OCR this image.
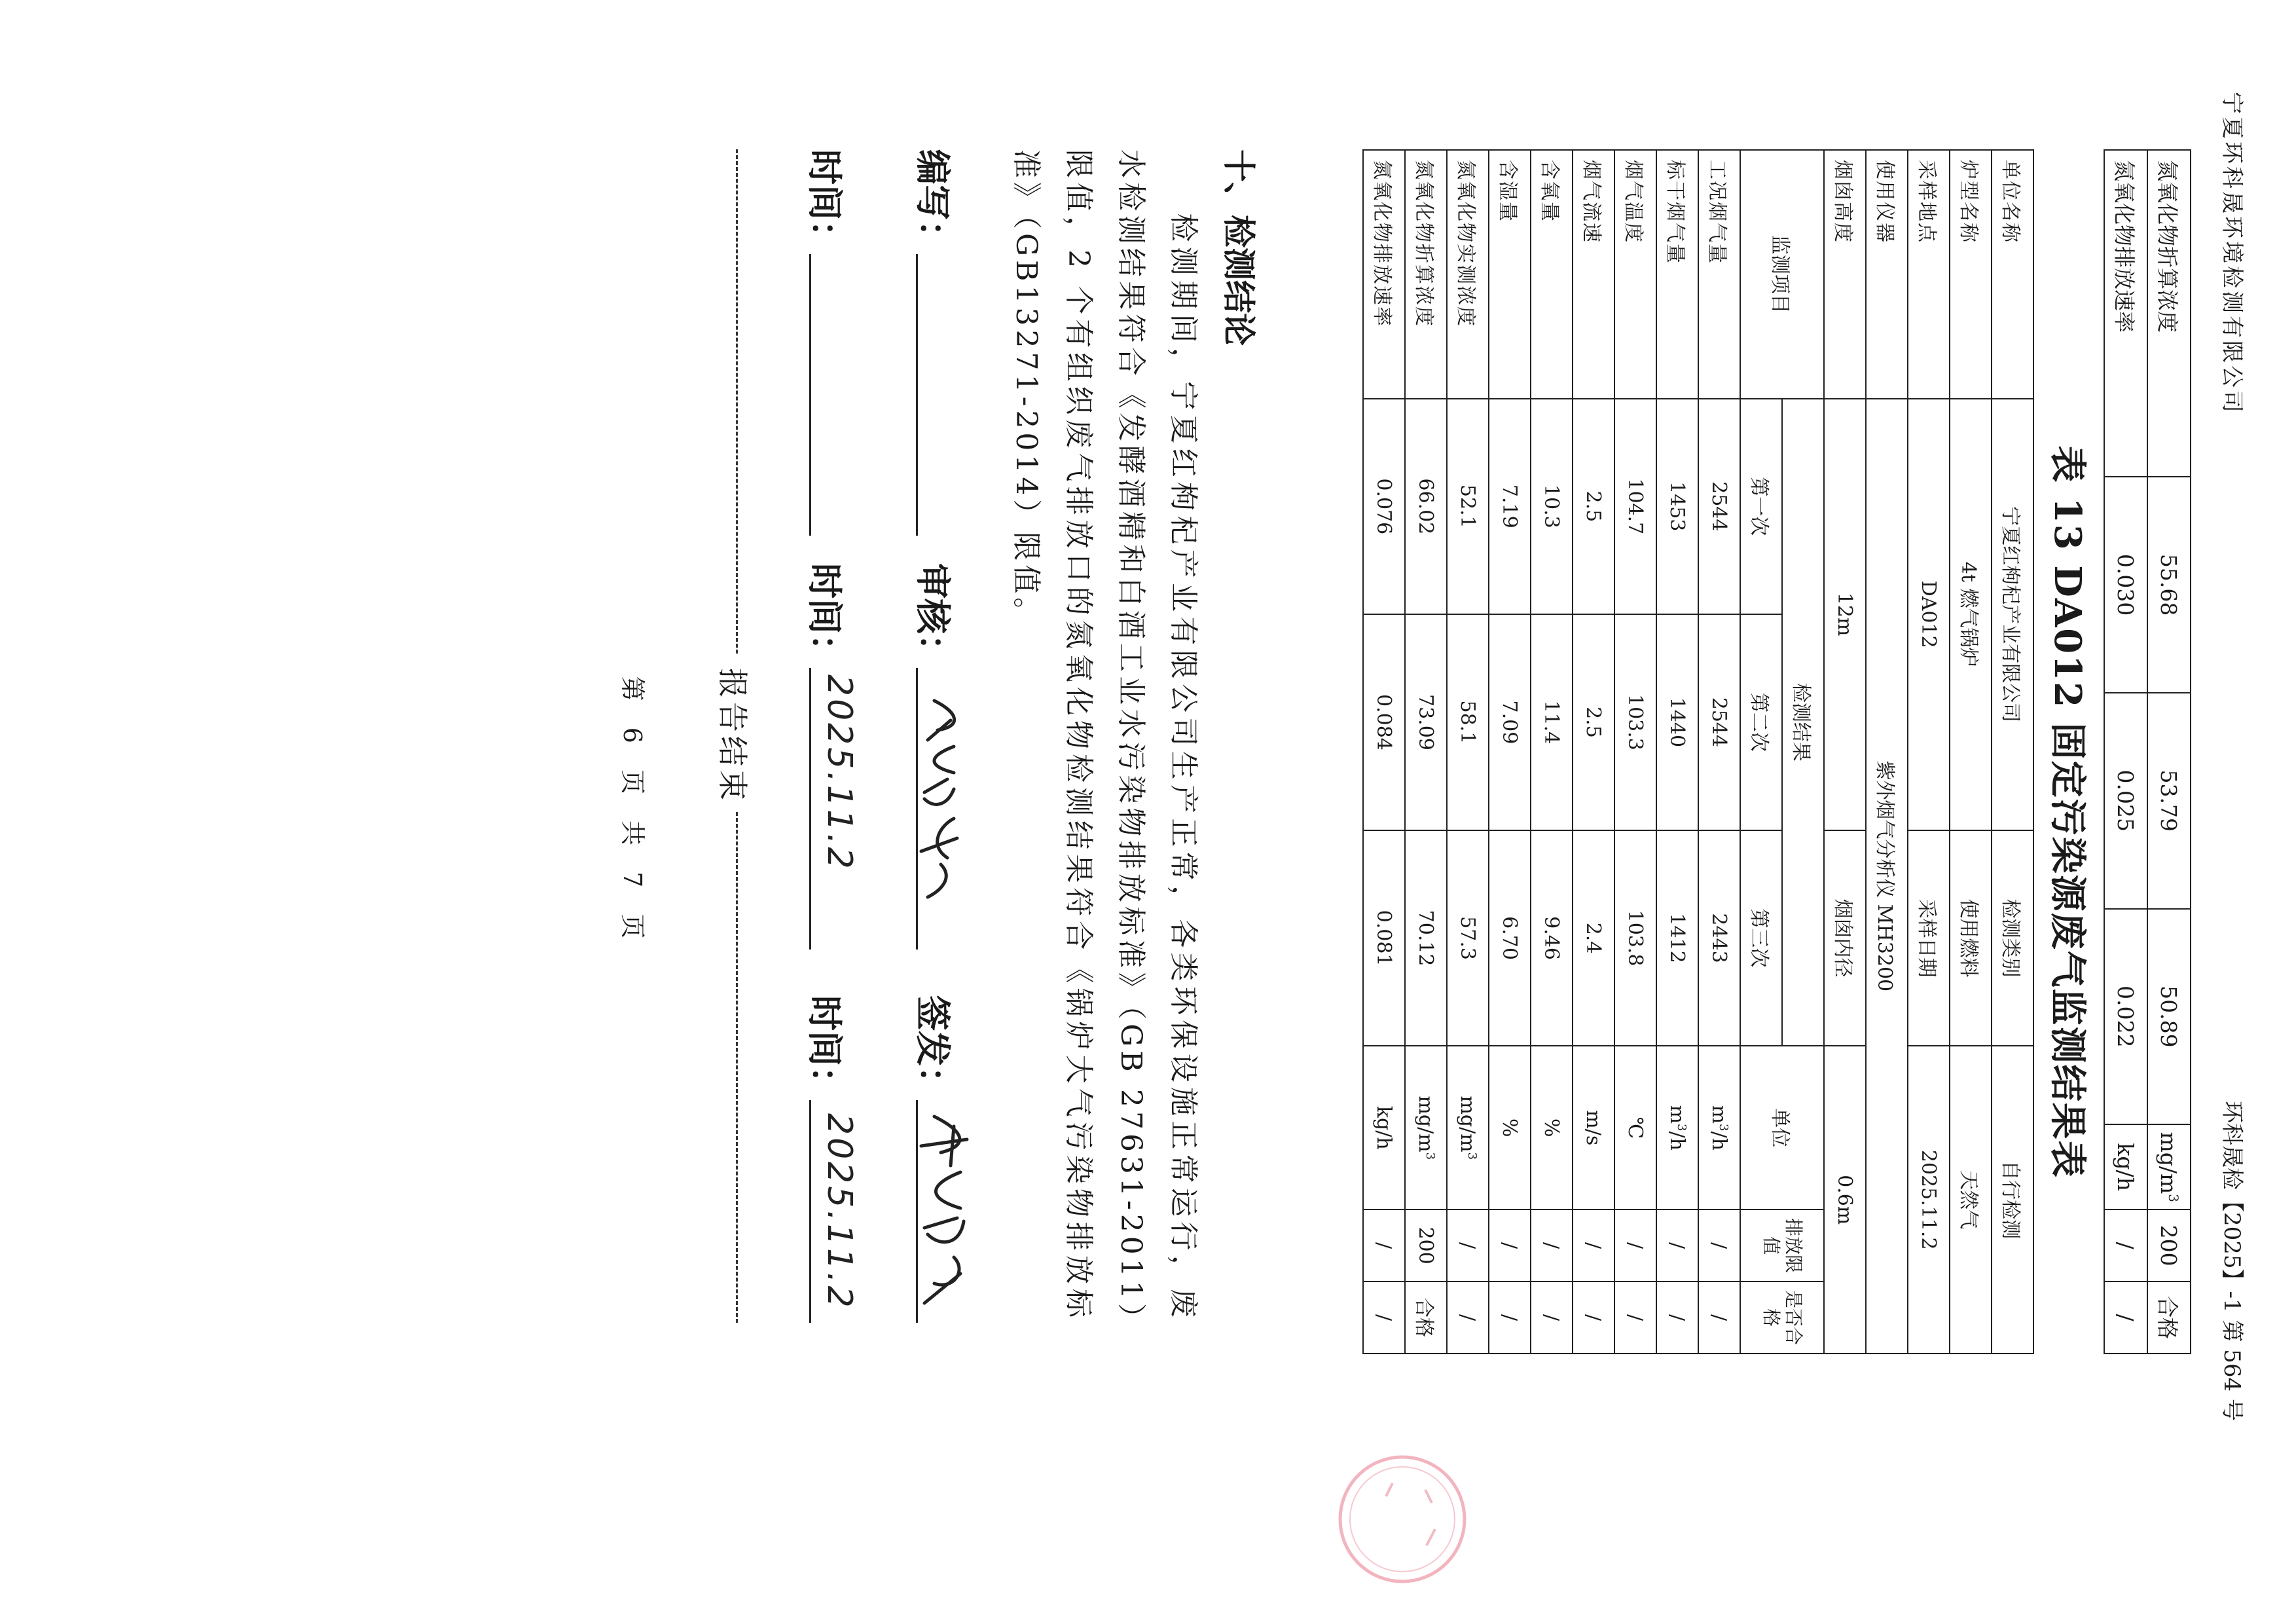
宁夏环科晟环境检测有限公司
环科晟检【2025】-1 第 564 号
氮氧化物折算浓度	55.68	53.79	50.89	$mg/m^3$	200	合格
氮氧化物排放速率	0.030	0.025	0.022	kg/h	/	/
表 13 DA012 固定污染源废气监测结果表
单位名称	宁夏红枸杞产业有限公司		检测类别	自行检测		
炉型名称	4t 燃气锅炉		使用燃料	天然气		
采样地点	DA012		采样日期	2025.11.2		
使用仪器	紫外烟气分析仪 MH3200					
烟囱高度	12m		烟囱内径	0.6m		
监测项目	检测结果			单位	排放限值	是否合格
	第一次	第二次	第三次			
工况烟气量	2544	2544	2443	$m^3/h$	/	/
标干烟气量	1453	1440	1412	$m^3/h$	/	/
烟气温度	104.7	103.3	103.8	℃	/	/
烟气流速	2.5	2.5	2.4	m/s	/	/
含氧量	10.3	11.4	9.46	%	/	/
含湿量	7.19	7.09	6.70	%	/	/
氮氧化物实测浓度	52.1	58.1	57.3	$mg/m^3$	/	/
氮氧化物折算浓度	66.02	73.09	70.12	$mg/m^3$	200	合格
氮氧化物排放速率	0.076	0.084	0.081	kg/h	/	/
十、检测结论
检测期间，宁夏红枸杞产业有限公司生产正常，各类环保设施正常运行，废水检测结果符合《发酵酒精和白酒工业水污染物排放标准》（GB 27631-2011）限值，2 个有组织废气排放口的氮氧化物检测结果符合《锅炉大气污染物排放标准》（GB13271-2014）限值。
编写：
审核：
签发：
时间：
时间：
2025.11.2
时间：
2025.11.2
报告结束
第 6 页 共 7 页
